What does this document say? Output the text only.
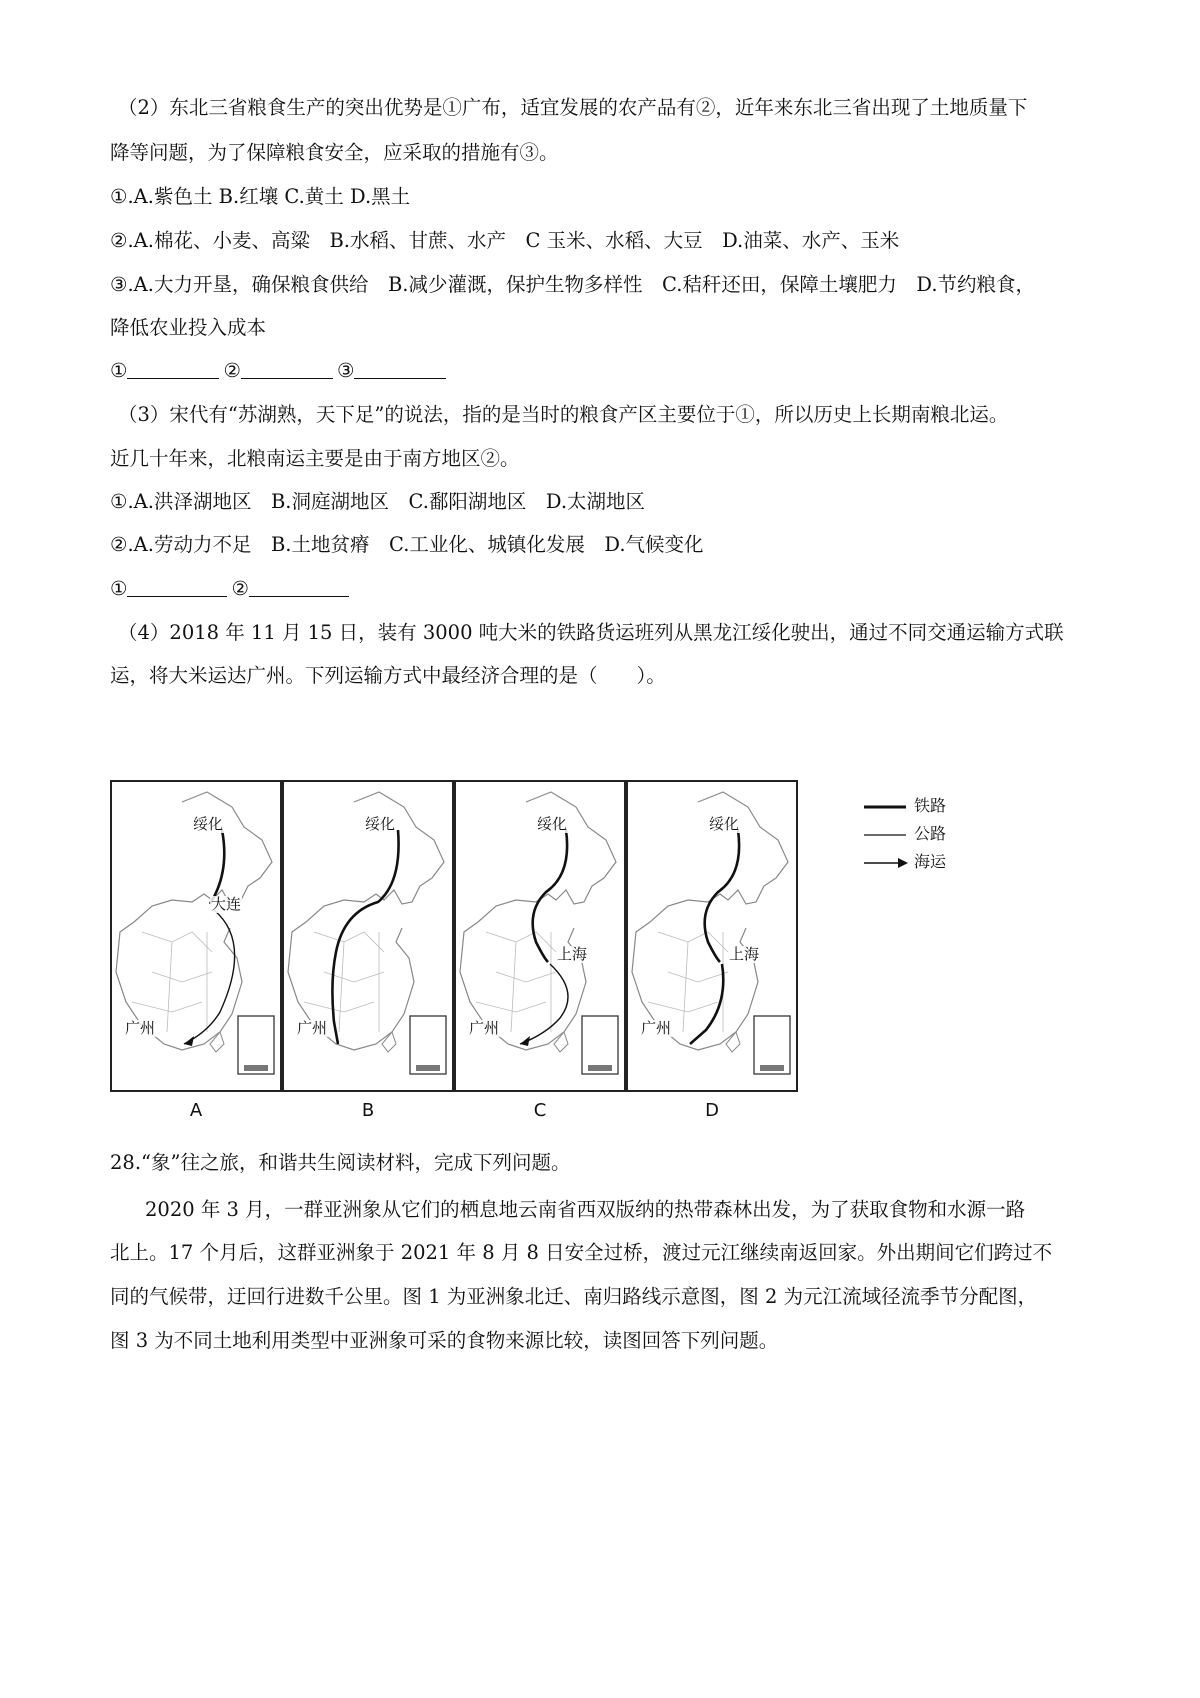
（2）东北三省粮食生产的突出优势是①广布，适宜发展的农产品有②，近年来东北三省出现了土地质量下
降等问题，为了保障粮食安全，应采取的措施有③。
①.A.紫色土 B.红壤 C.黄土 D.黑土
②.A.棉花、小麦、高粱　B.水稻、甘蔗、水产　C 玉米、水稻、大豆　D.油菜、水产、玉米
③.A.大力开垦，确保粮食供给　B.减少灌溉，保护生物多样性　C.秸秆还田，保障土壤肥力　D.节约粮食，
降低农业投入成本
①	②	③
（3）宋代有“苏湖熟，天下足”的说法，指的是当时的粮食产区主要位于①，所以历史上长期南粮北运。
近几十年来，北粮南运主要是由于南方地区②。
①.A.洪泽湖地区　B.洞庭湖地区　C.鄱阳湖地区　D.太湖地区
②.A.劳动力不足　B.土地贫瘠　C.工业化、城镇化发展　D.气候变化
①	②
（4）2018 年 11 月 15 日，装有 3000 吨大米的铁路货运班列从黑龙江绥化驶出，通过不同交通运输方式联
运，将大米运达广州。下列运输方式中最经济合理的是（　　）。
绥化
大连
广州
A
绥化
广州
B
绥化
上海
广州
C
绥化
上海
广州
D
铁路
公路
海运
28.“象”往之旅，和谐共生阅读材料，完成下列问题。
2020 年 3 月，一群亚洲象从它们的栖息地云南省西双版纳的热带森林出发，为了获取食物和水源一路
北上。17 个月后，这群亚洲象于 2021 年 8 月 8 日安全过桥，渡过元江继续南返回家。外出期间它们跨过不
同的气候带，迂回行进数千公里。图 1 为亚洲象北迁、南归路线示意图，图 2 为元江流域径流季节分配图，
图 3 为不同土地利用类型中亚洲象可采的食物来源比较，读图回答下列问题。
